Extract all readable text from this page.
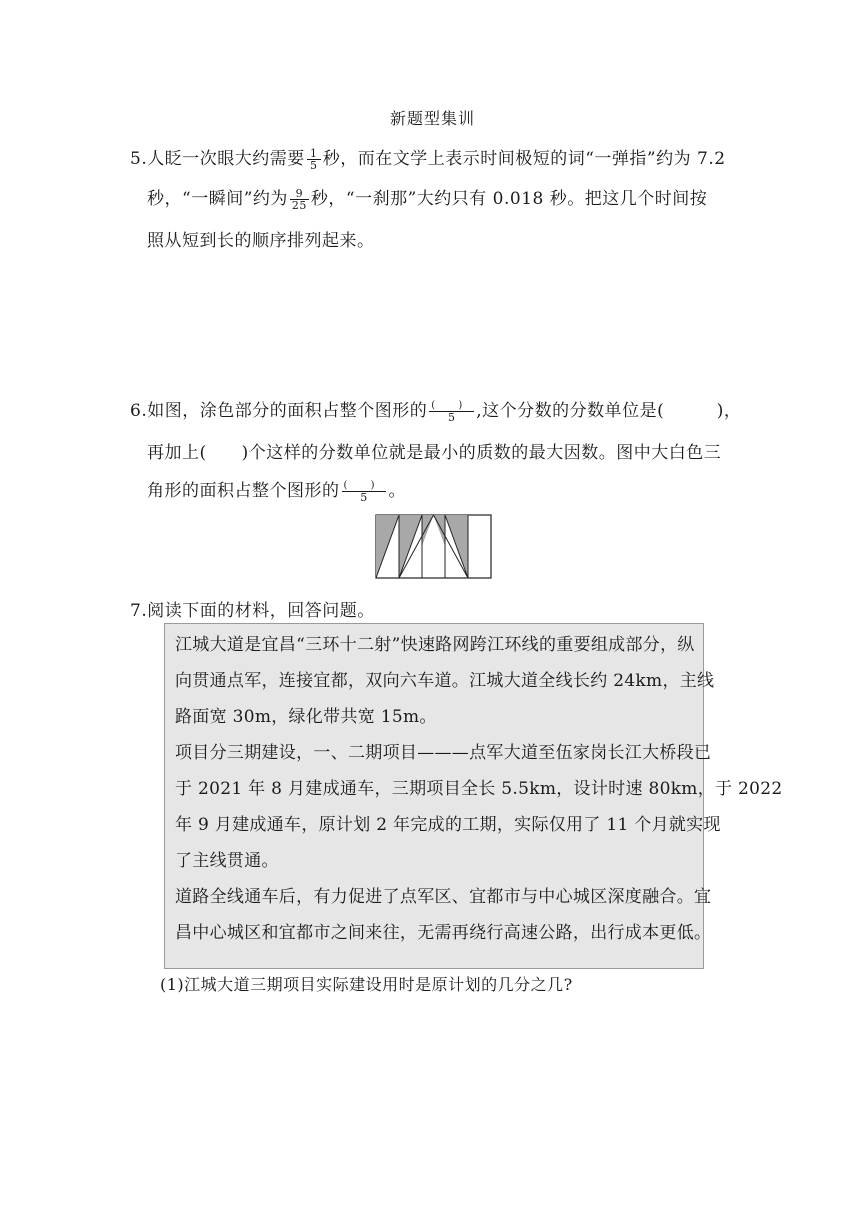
新题型集训
5.人眨一次眼大约需要 $\frac{1}{5}$ 秒，而在文学上表示时间极短的词“一弹指”约为 7.2
秒，“一瞬间”约为 $\frac{9}{25}$ 秒，“一刹那”大约只有 0.018 秒。把这几个时间按
照从短到长的顺序排列起来。
6.如图，涂色部分的面积占整个图形的 $\frac{( )}{5}$ ,这个分数的分数单位是(　　　)，
再加上(　　)个这样的分数单位就是最小的质数的最大因数。图中大白色三
角形的面积占整个图形的 $\frac{( )}{5}$ 。
7.阅读下面的材料，回答问题。
江城大道是宜昌“三环十二射”快速路网跨江环线的重要组成部分，纵
向贯通点军，连接宜都，双向六车道。江城大道全线长约 24km，主线
路面宽 30m，绿化带共宽 15m。
项目分三期建设，一、二期项目———点军大道至伍家岗长江大桥段已
于 2021 年 8 月建成通车，三期项目全长 5.5km，设计时速 80km，于 2022
年 9 月建成通车，原计划 2 年完成的工期，实际仅用了 11 个月就实现
了主线贯通。
道路全线通车后，有力促进了点军区、宜都市与中心城区深度融合。宜
昌中心城区和宜都市之间来往，无需再绕行高速公路，出行成本更低。
(1)江城大道三期项目实际建设用时是原计划的几分之几?
